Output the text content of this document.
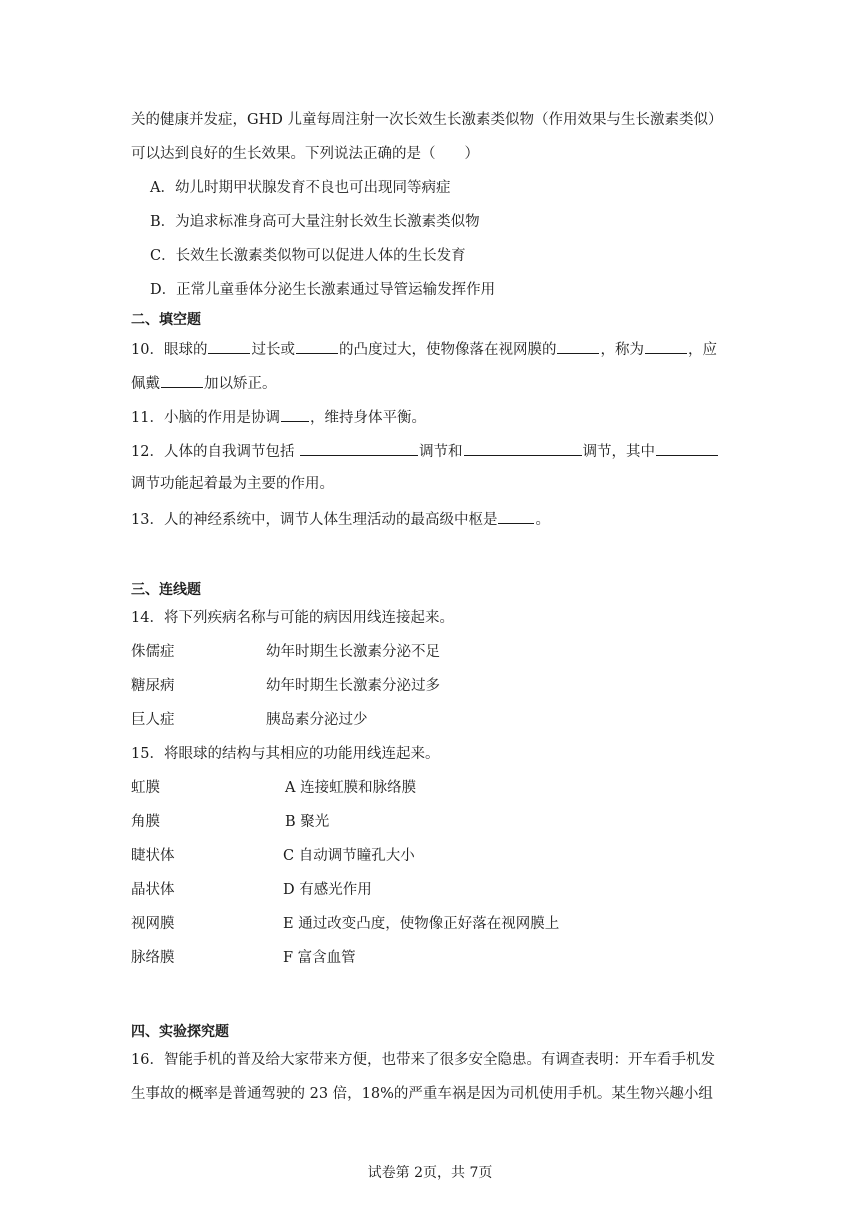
关的健康并发症，GHD 儿童每周注射一次长效生长激素类似物（作用效果与生长激素类似）
可以达到良好的生长效果。下列说法正确的是（　　）
A．幼儿时期甲状腺发育不良也可出现同等病症
B．为追求标准身高可大量注射长效生长激素类似物
C．长效生长激素类似物可以促进人体的生长发育
D．正常儿童垂体分泌生长激素通过导管运输发挥作用
二、填空题
10．眼球的	过长或	的凸度过大，使物像落在视网膜的	，称为	，应
佩戴	加以矫正。
11．小脑的作用是协调 ，维持身体平衡。
12．人体的自我调节包括	调节和	调节，其中
调节功能起着最为主要的作用。
13．人的神经系统中，调节人体生理活动的最高级中枢是	。
三、连线题
14．将下列疾病名称与可能的病因用线连接起来。
侏儒症	幼年时期生长激素分泌不足
糖尿病	幼年时期生长激素分泌过多
巨人症	胰岛素分泌过少
15．将眼球的结构与其相应的功能用线连起来。
虹膜	A 连接虹膜和脉络膜
角膜	B 聚光
睫状体	C 自动调节瞳孔大小
晶状体	D 有感光作用
视网膜	E 通过改变凸度，使物像正好落在视网膜上
脉络膜	F 富含血管
四、实验探究题
16．智能手机的普及给大家带来方便，也带来了很多安全隐患。有调查表明：开车看手机发
生事故的概率是普通驾驶的 23 倍，18%的严重车祸是因为司机使用手机。某生物兴趣小组
试卷第 2页，共 7页
